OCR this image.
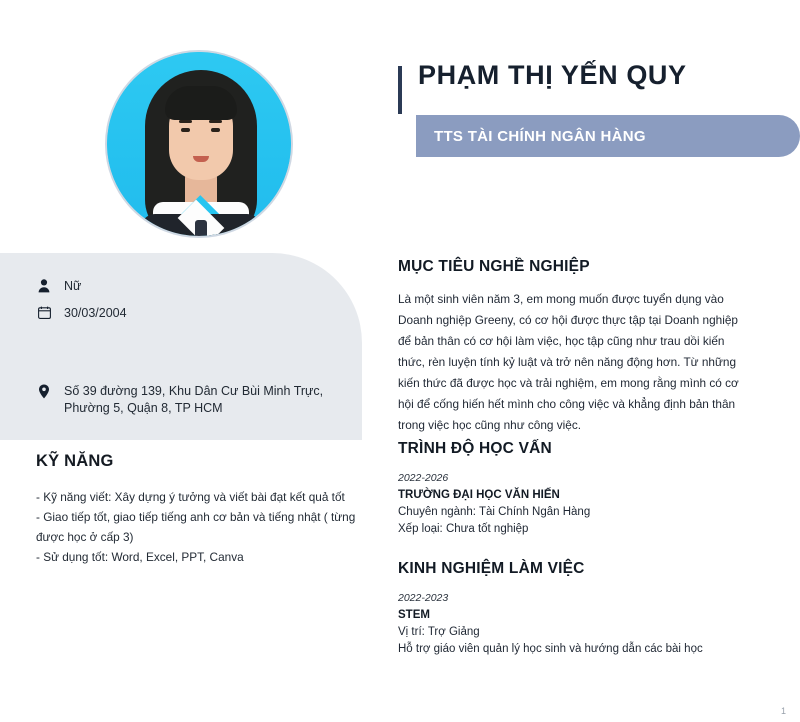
Nữ
30/03/2004
Số 39 đường 139, Khu Dân Cư Bùi Minh Trực, Phường 5, Quận 8, TP HCM
KỸ NĂNG

- Kỹ năng viết: Xây dựng ý tưởng và viết bài đạt kết quả tốt

- Giao tiếp tốt, giao tiếp tiếng anh cơ bản và tiếng nhật ( từng được học ở cấp 3)

- Sử dụng tốt: Word, Excel, PPT, Canva

PHẠM THỊ YẾN QUY
TTS TÀI CHÍNH NGÂN HÀNG
MỤC TIÊU NGHỀ NGHIỆP

Là một sinh viên năm 3, em mong muốn được tuyển dụng vào Doanh nghiệp Greeny, có cơ hội được thực tập tại Doanh nghiệp để bản thân có cơ hội làm việc, học tập cũng như trau dồi kiến thức, rèn luyện tính kỷ luật và trở nên năng động hơn. Từ những kiến thức đã được học và trải nghiệm, em mong rằng mình có cơ hội để cống hiến hết mình cho công việc và khẳng định bản thân trong việc học cũng như công việc.

TRÌNH ĐỘ HỌC VẤN
2022-2026
TRƯỜNG ĐẠI HỌC VĂN HIẾN
Chuyên ngành: Tài Chính Ngân Hàng
Xếp loại: Chưa tốt nghiệp
KINH NGHIỆM LÀM VIỆC
2022-2023
STEM
Vị trí: Trợ Giảng
Hỗ trợ giáo viên quản lý học sinh và hướng dẫn các bài học
1
